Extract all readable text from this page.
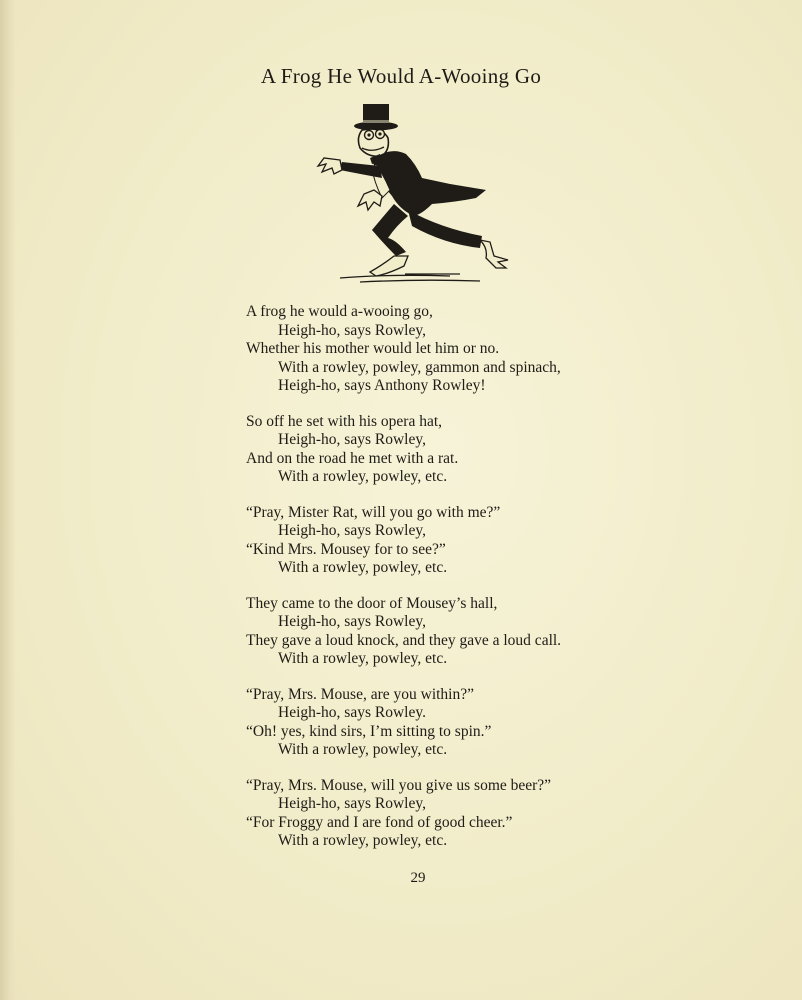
A Frog He Would A-Wooing Go
A frog he would a-wooing go,
Heigh-ho, says Rowley,
Whether his mother would let him or no.
With a rowley, powley, gammon and spinach,
Heigh-ho, says Anthony Rowley!
So off he set with his opera hat,
Heigh-ho, says Rowley,
And on the road he met with a rat.
With a rowley, powley, etc.
“Pray, Mister Rat, will you go with me?”
Heigh-ho, says Rowley,
“Kind Mrs. Mousey for to see?”
With a rowley, powley, etc.
They came to the door of Mousey’s hall,
Heigh-ho, says Rowley,
They gave a loud knock, and they gave a loud call.
With a rowley, powley, etc.
“Pray, Mrs. Mouse, are you within?”
Heigh-ho, says Rowley.
“Oh! yes, kind sirs, I’m sitting to spin.”
With a rowley, powley, etc.
“Pray, Mrs. Mouse, will you give us some beer?”
Heigh-ho, says Rowley,
“For Froggy and I are fond of good cheer.”
With a rowley, powley, etc.
29
